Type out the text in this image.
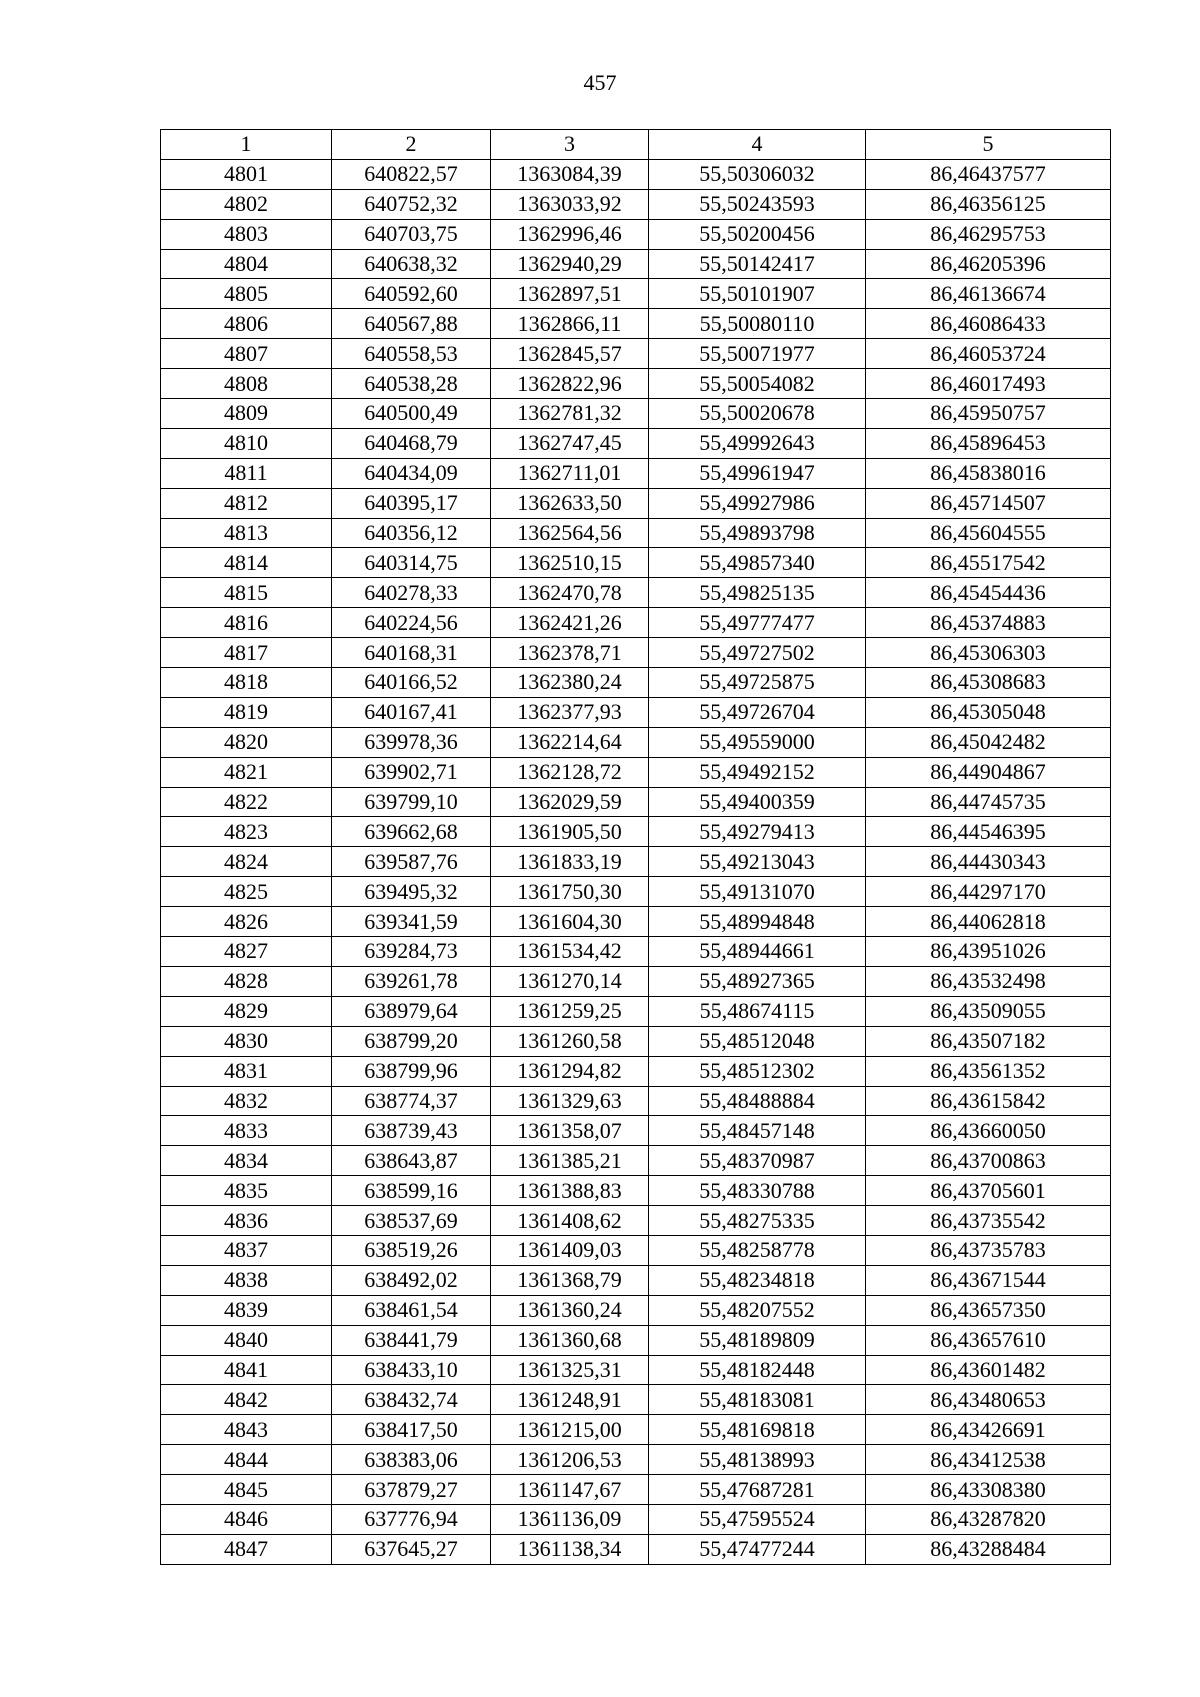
457
1	2	3	4	5
4801	640822,57	1363084,39	55,50306032	86,46437577
4802	640752,32	1363033,92	55,50243593	86,46356125
4803	640703,75	1362996,46	55,50200456	86,46295753
4804	640638,32	1362940,29	55,50142417	86,46205396
4805	640592,60	1362897,51	55,50101907	86,46136674
4806	640567,88	1362866,11	55,50080110	86,46086433
4807	640558,53	1362845,57	55,50071977	86,46053724
4808	640538,28	1362822,96	55,50054082	86,46017493
4809	640500,49	1362781,32	55,50020678	86,45950757
4810	640468,79	1362747,45	55,49992643	86,45896453
4811	640434,09	1362711,01	55,49961947	86,45838016
4812	640395,17	1362633,50	55,49927986	86,45714507
4813	640356,12	1362564,56	55,49893798	86,45604555
4814	640314,75	1362510,15	55,49857340	86,45517542
4815	640278,33	1362470,78	55,49825135	86,45454436
4816	640224,56	1362421,26	55,49777477	86,45374883
4817	640168,31	1362378,71	55,49727502	86,45306303
4818	640166,52	1362380,24	55,49725875	86,45308683
4819	640167,41	1362377,93	55,49726704	86,45305048
4820	639978,36	1362214,64	55,49559000	86,45042482
4821	639902,71	1362128,72	55,49492152	86,44904867
4822	639799,10	1362029,59	55,49400359	86,44745735
4823	639662,68	1361905,50	55,49279413	86,44546395
4824	639587,76	1361833,19	55,49213043	86,44430343
4825	639495,32	1361750,30	55,49131070	86,44297170
4826	639341,59	1361604,30	55,48994848	86,44062818
4827	639284,73	1361534,42	55,48944661	86,43951026
4828	639261,78	1361270,14	55,48927365	86,43532498
4829	638979,64	1361259,25	55,48674115	86,43509055
4830	638799,20	1361260,58	55,48512048	86,43507182
4831	638799,96	1361294,82	55,48512302	86,43561352
4832	638774,37	1361329,63	55,48488884	86,43615842
4833	638739,43	1361358,07	55,48457148	86,43660050
4834	638643,87	1361385,21	55,48370987	86,43700863
4835	638599,16	1361388,83	55,48330788	86,43705601
4836	638537,69	1361408,62	55,48275335	86,43735542
4837	638519,26	1361409,03	55,48258778	86,43735783
4838	638492,02	1361368,79	55,48234818	86,43671544
4839	638461,54	1361360,24	55,48207552	86,43657350
4840	638441,79	1361360,68	55,48189809	86,43657610
4841	638433,10	1361325,31	55,48182448	86,43601482
4842	638432,74	1361248,91	55,48183081	86,43480653
4843	638417,50	1361215,00	55,48169818	86,43426691
4844	638383,06	1361206,53	55,48138993	86,43412538
4845	637879,27	1361147,67	55,47687281	86,43308380
4846	637776,94	1361136,09	55,47595524	86,43287820
4847	637645,27	1361138,34	55,47477244	86,43288484
